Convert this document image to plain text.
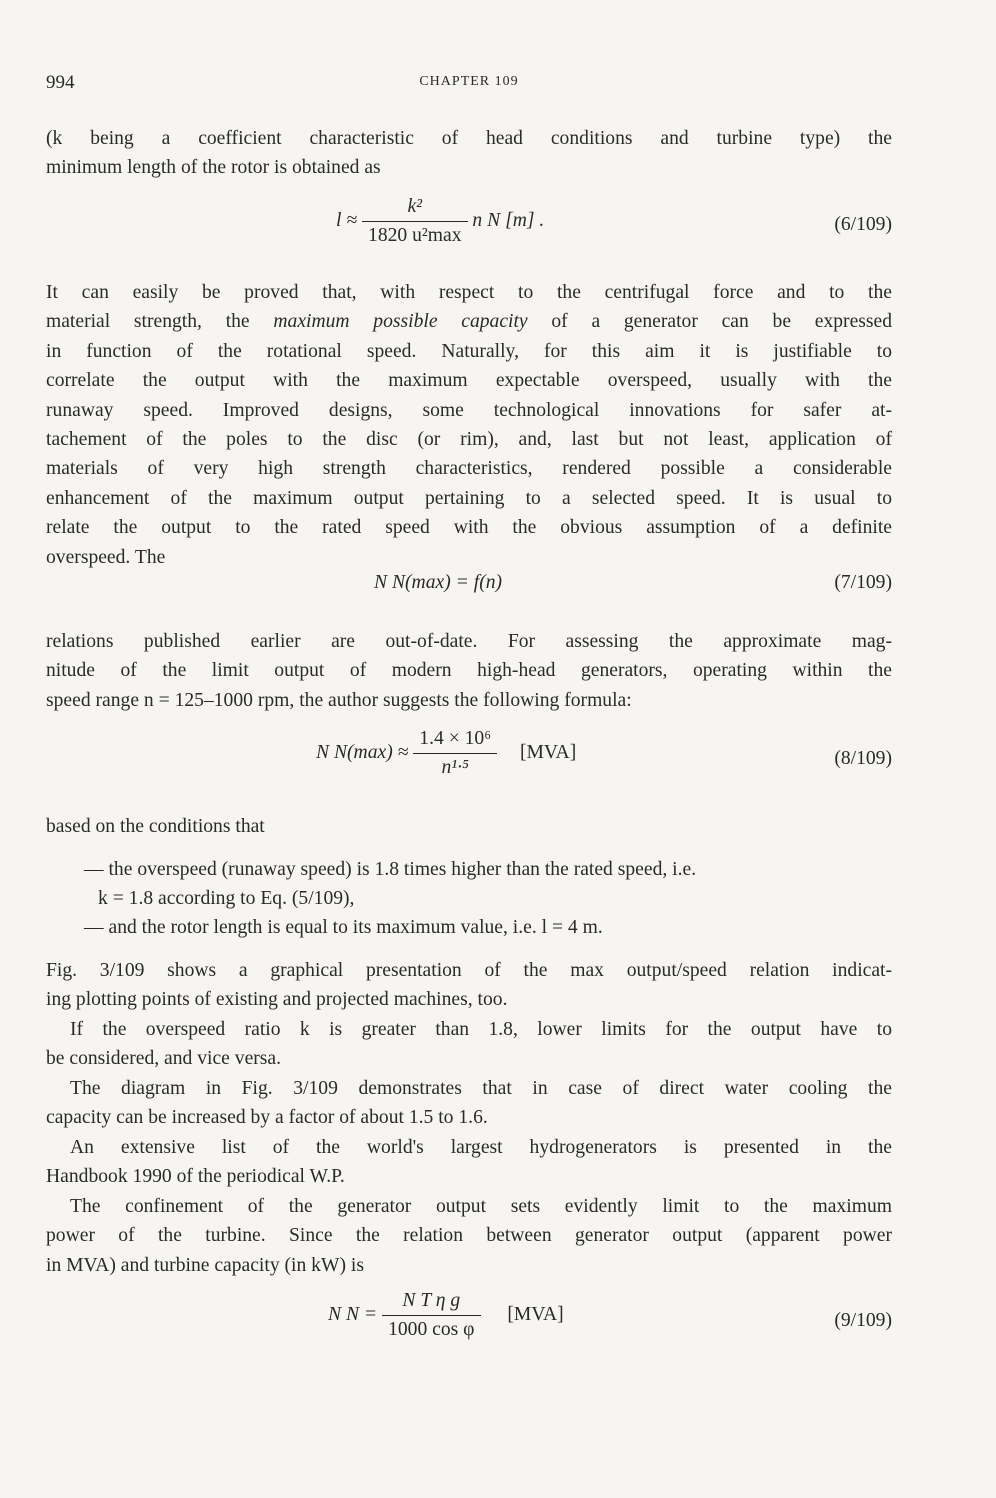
994	CHAPTER 109

(k being a coefficient characteristic of head conditions and turbine type) the
minimum length of the rotor is obtained as

$l \approx \frac{\text{k²}}{\text{1820 u²max}}$ n N [m] .	(6/109)

It can easily be proved that, with respect to the centrifugal force and to the
material strength, the maximum possible capacity of a generator can be expressed
in function of the rotational speed. Naturally, for this aim it is justifiable to
correlate the output with the maximum expectable overspeed, usually with the
runaway speed. Improved designs, some technological innovations for safer at-
tachement of the poles to the disc (or rim), and, last but not least, application of
materials of very high strength characteristics, rendered possible a considerable
enhancement of the maximum output pertaining to a selected speed. It is usual to
relate the output to the rated speed with the obvious assumption of a definite
overspeed. The

N N(max) = f(n)	(7/109)

relations published earlier are out-of-date. For assessing the approximate mag-
nitude of the limit output of modern high-head generators, operating within the
speed range n = 125–1000 rpm, the author suggests the following formula:

N $N(\max) \approx \frac{\text{1.4 × 10⁶}}{\text{n¹·⁵}} [MVA]$	(8/109)

based on the conditions that

— the overspeed (runaway speed) is 1.8 times higher than the rated speed, i.e.
k = 1.8 according to Eq. (5/109),
— and the rotor length is equal to its maximum value, i.e. l = 4 m.

Fig. 3/109 shows a graphical presentation of the max output/speed relation indicat-
ing plotting points of existing and projected machines, too.

If the overspeed ratio k is greater than 1.8, lower limits for the output have to
be considered, and vice versa.

The diagram in Fig. 3/109 demonstrates that in case of direct water cooling the
capacity can be increased by a factor of about 1.5 to 1.6.

An extensive list of the world's largest hydrogenerators is presented in the
Handbook 1990 of the periodical W.P.

The confinement of the generator output sets evidently limit to the maximum
power of the turbine. Since the relation between generator output (apparent power
in MVA) and turbine capacity (in kW) is

N $N = \frac{\text{N T η g}}{\text{1000 cos φ}} [MVA]$	(9/109)
